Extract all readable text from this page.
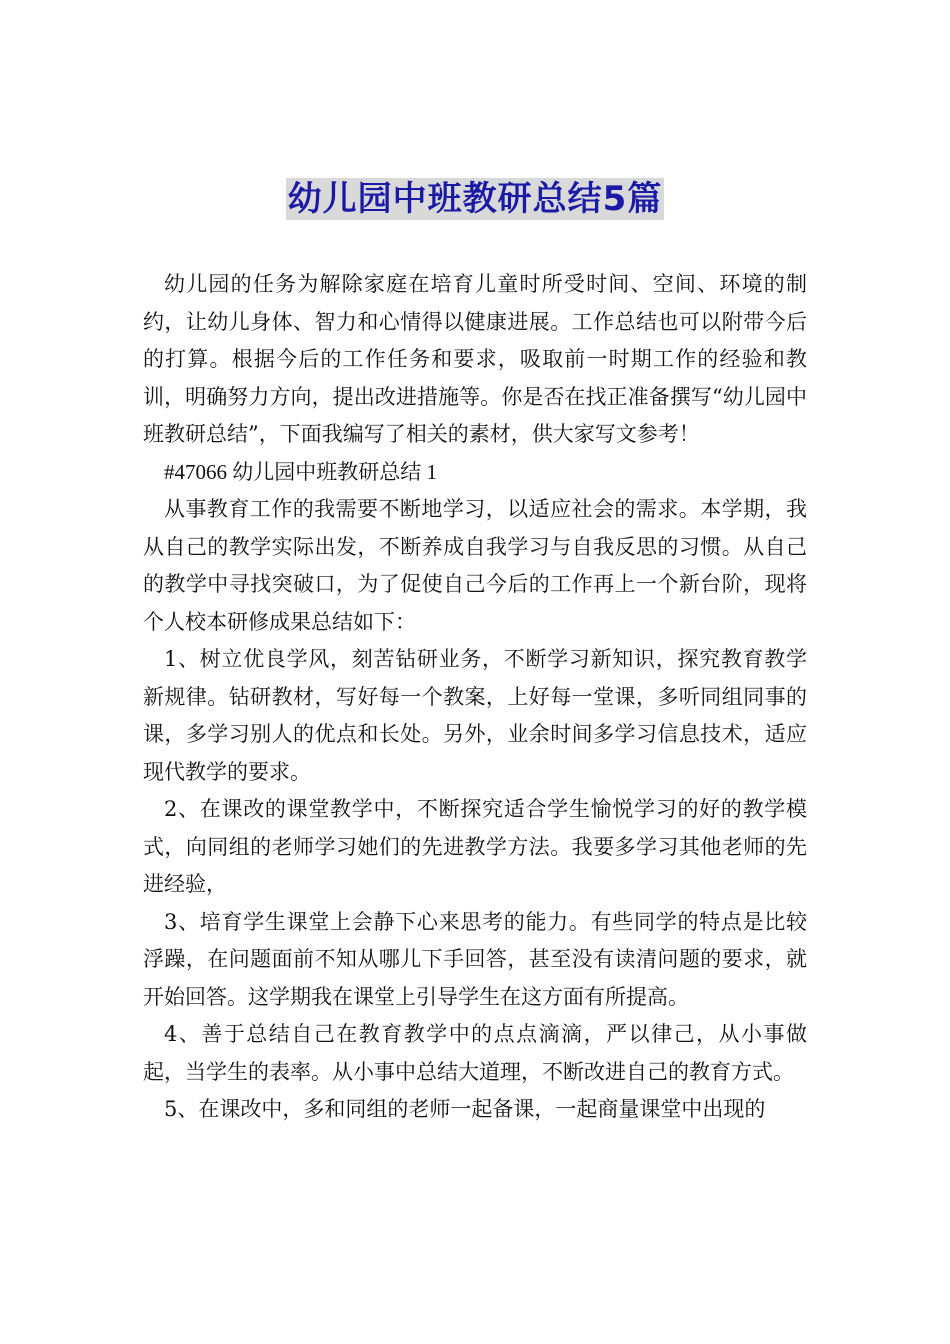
幼儿园中班教研总结5篇

幼儿园的任务为解除家庭在培育儿童时所受时间、空间、环境的制约，让幼儿身体、智力和心情得以健康进展。工作总结也可以附带今后的打算。根据今后的工作任务和要求，吸取前一时期工作的经验和教训，明确努力方向，提出改进措施等。你是否在找正准备撰写“幼儿园中班教研总结”，下面我编写了相关的素材，供大家写文参考！

#47066 幼儿园中班教研总结 1

从事教育工作的我需要不断地学习，以适应社会的需求。本学期，我从自己的教学实际出发，不断养成自我学习与自我反思的习惯。从自己的教学中寻找突破口，为了促使自己今后的工作再上一个新台阶，现将个人校本研修成果总结如下：

1、树立优良学风，刻苦钻研业务，不断学习新知识，探究教育教学新规律。钻研教材，写好每一个教案，上好每一堂课，多听同组同事的课，多学习别人的优点和长处。另外，业余时间多学习信息技术，适应现代教学的要求。

2、在课改的课堂教学中，不断探究适合学生愉悦学习的好的教学模式，向同组的老师学习她们的先进教学方法。我要多学习其他老师的先进经验，

3、培育学生课堂上会静下心来思考的能力。有些同学的特点是比较浮躁，在问题面前不知从哪儿下手回答，甚至没有读清问题的要求，就开始回答。这学期我在课堂上引导学生在这方面有所提高。

4、善于总结自己在教育教学中的点点滴滴，严以律己，从小事做起，当学生的表率。从小事中总结大道理，不断改进自己的教育方式。

5、在课改中，多和同组的老师一起备课，一起商量课堂中出现的
